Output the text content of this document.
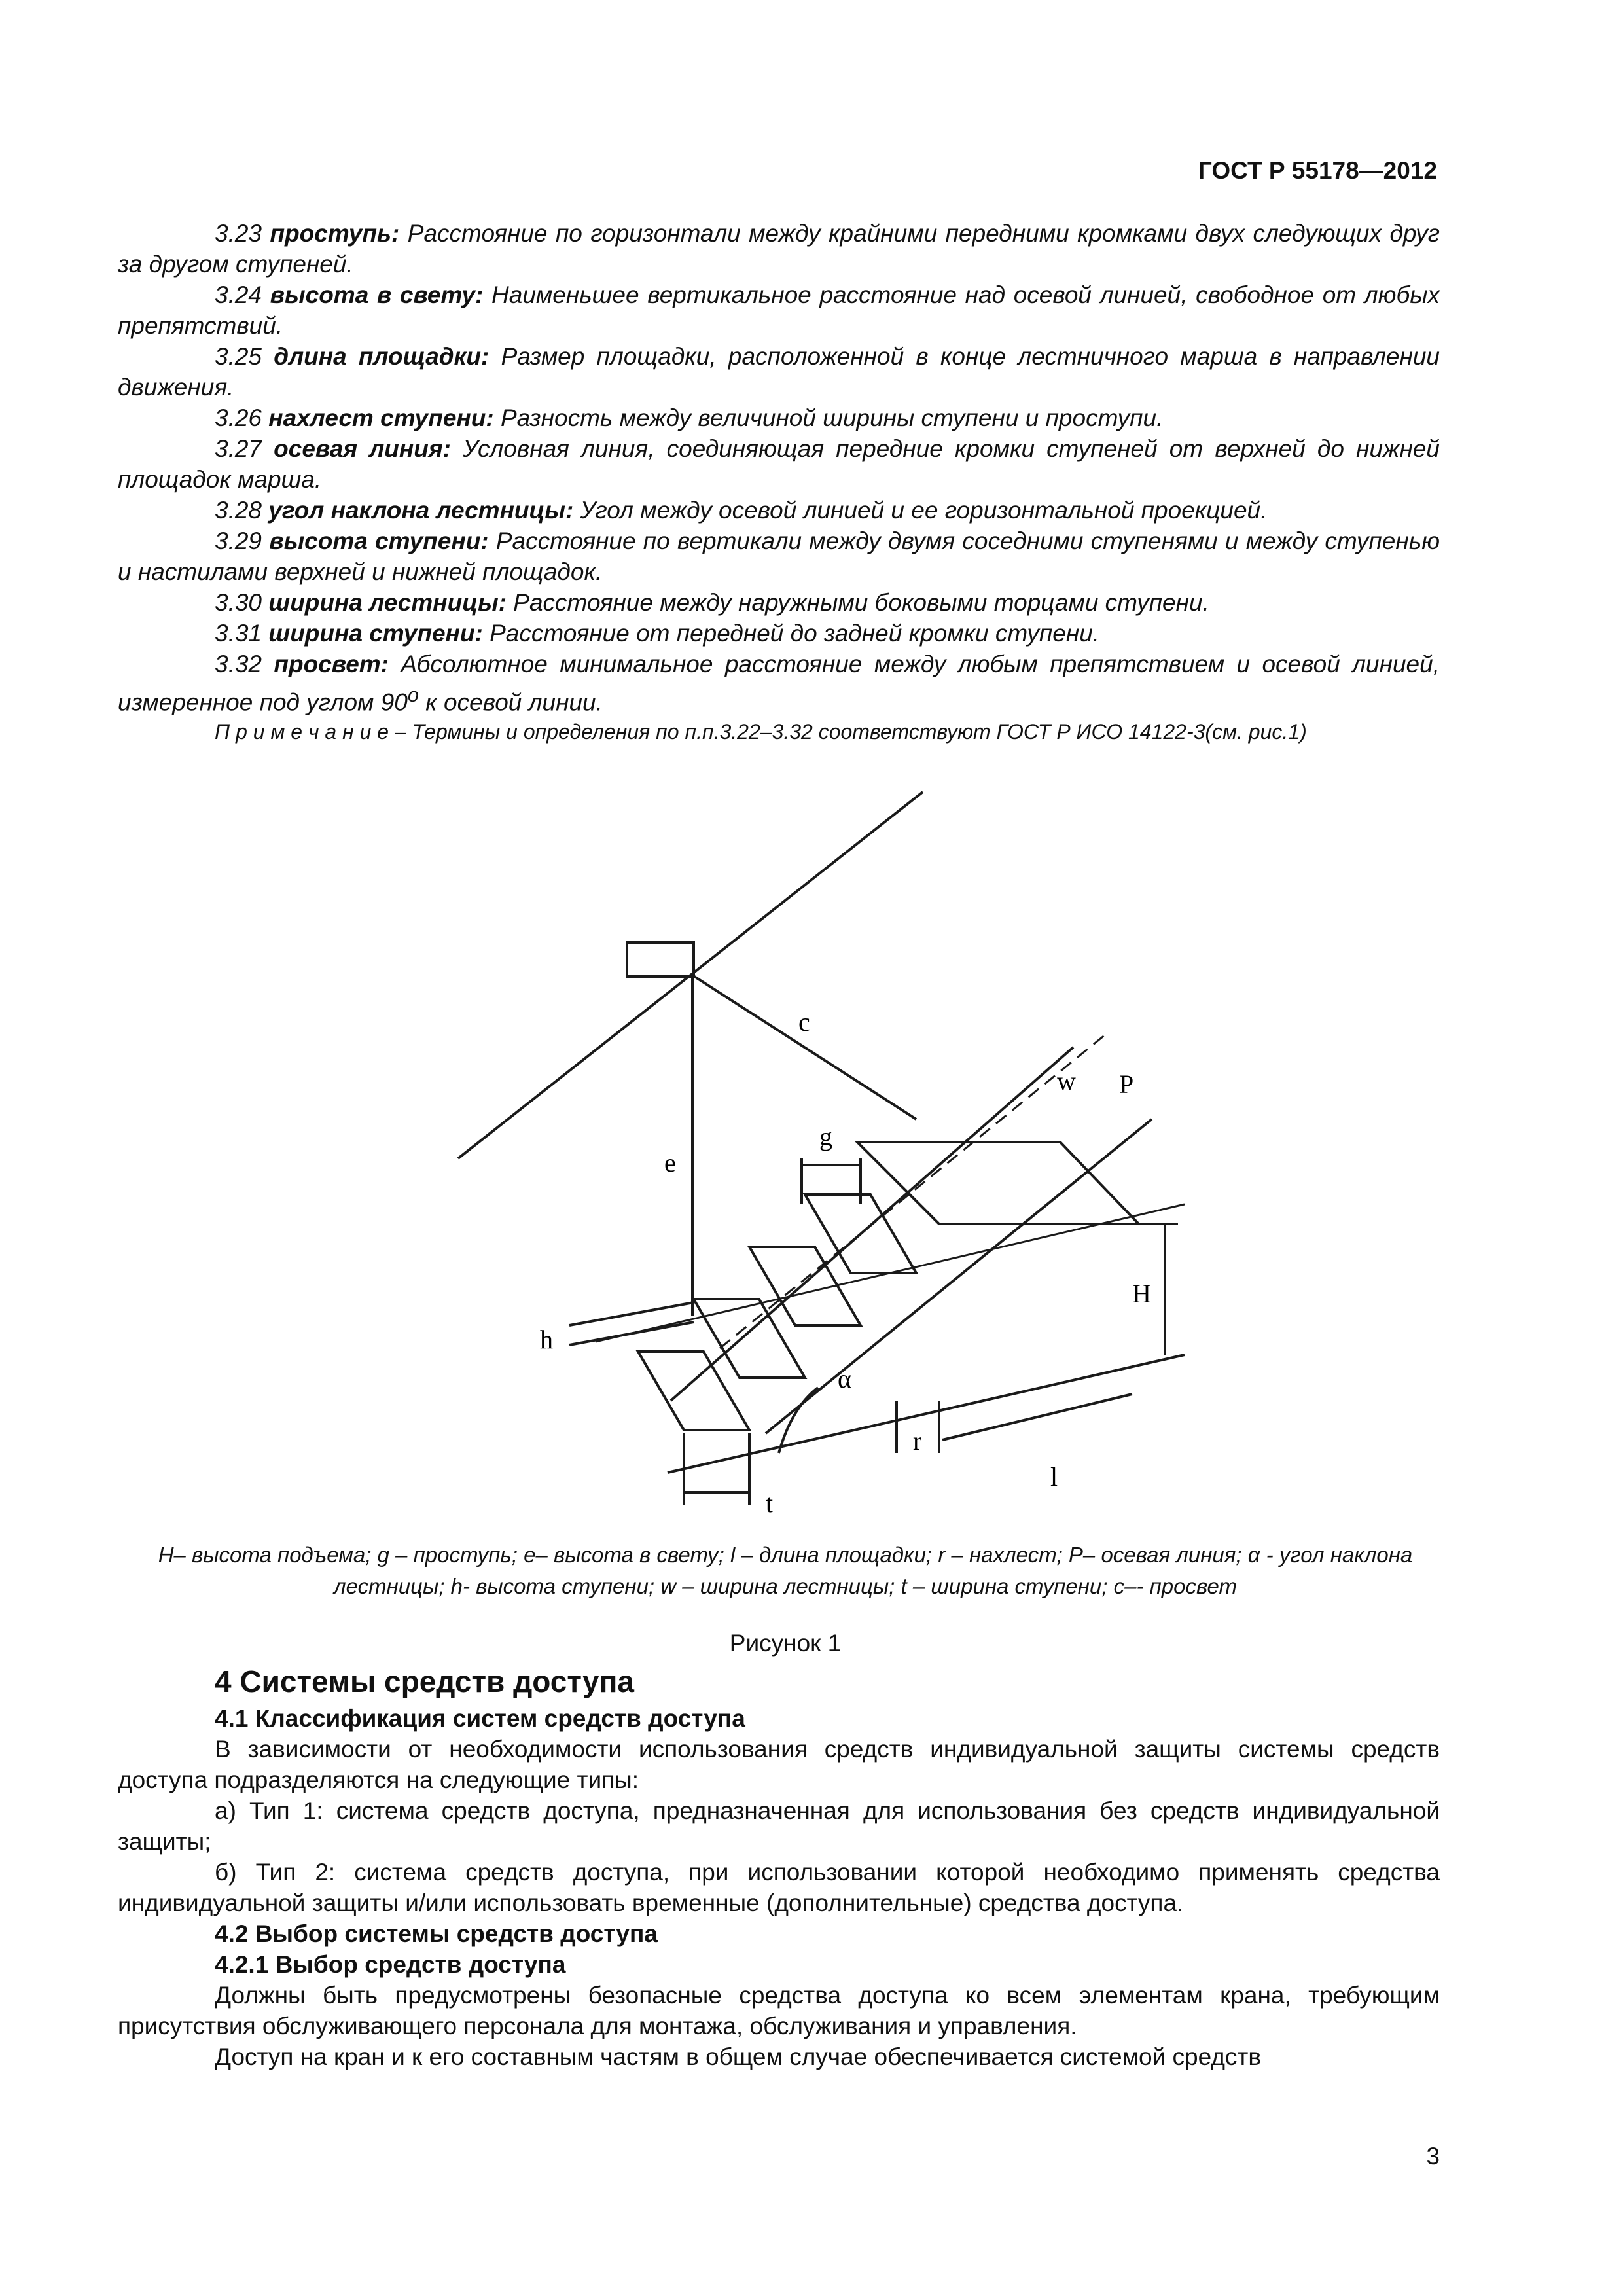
ГОСТ Р 55178—2012

3.23 проступь: Расстояние по горизонтали между крайними передними кромками двух следующих друг за другом ступеней.

3.24 высота в свету: Наименьшее вертикальное расстояние над осевой линией, свободное от любых препятствий.

3.25 длина площадки: Размер площадки, расположенной в конце лестничного марша в направлении движения.

3.26 нахлест ступени: Разность между величиной ширины ступени и проступи.

3.27 осевая линия: Условная линия, соединяющая передние кромки ступеней от верхней до нижней площадок марша.

3.28 угол наклона лестницы: Угол между осевой линией и ее горизонтальной проекцией.

3.29 высота ступени: Расстояние по вертикали между двумя соседними ступенями и между ступенью и настилами верхней и нижней площадок.

3.30 ширина лестницы: Расстояние между наружными боковыми торцами ступени.

3.31 ширина ступени: Расстояние от передней до задней кромки ступени.

3.32 просвет: Абсолютное минимальное расстояние между любым препятствием и осевой линией, измеренное под углом $90^о$ к осевой линии.

П р и м е ч а н и е – Термины и определения по п.п.3.22–3.32 соответствуют ГОСТ Р ИСО 14122-3(см. рис.1)

c
w P
g
e
h
α
H
r
l
t
H– высота подъема; g – проступь; e– высота в свету; l – длина площадки; r – нахлест; P– осевая линия; α - угол наклона лестницы; h- высота ступени; w – ширина лестницы; t – ширина ступени; c–- просвет
Рисунок 1
4 Системы средств доступа
4.1 Классификация систем средств доступа

В зависимости от необходимости использования средств индивидуальной защиты системы средств доступа подразделяются на следующие типы:

а) Тип 1: система средств доступа, предназначенная для использования без средств индивидуальной защиты;

б) Тип 2: система средств доступа, при использовании которой необходимо применять средства индивидуальной защиты и/или использовать временные (дополнительные) средства доступа.

4.2 Выбор системы средств доступа
4.2.1 Выбор средств доступа

Должны быть предусмотрены безопасные средства доступа ко всем элементам крана, требующим присутствия обслуживающего персонала для монтажа, обслуживания и управления.

Доступ на кран и к его составным частям в общем случае обеспечивается системой средств

3
